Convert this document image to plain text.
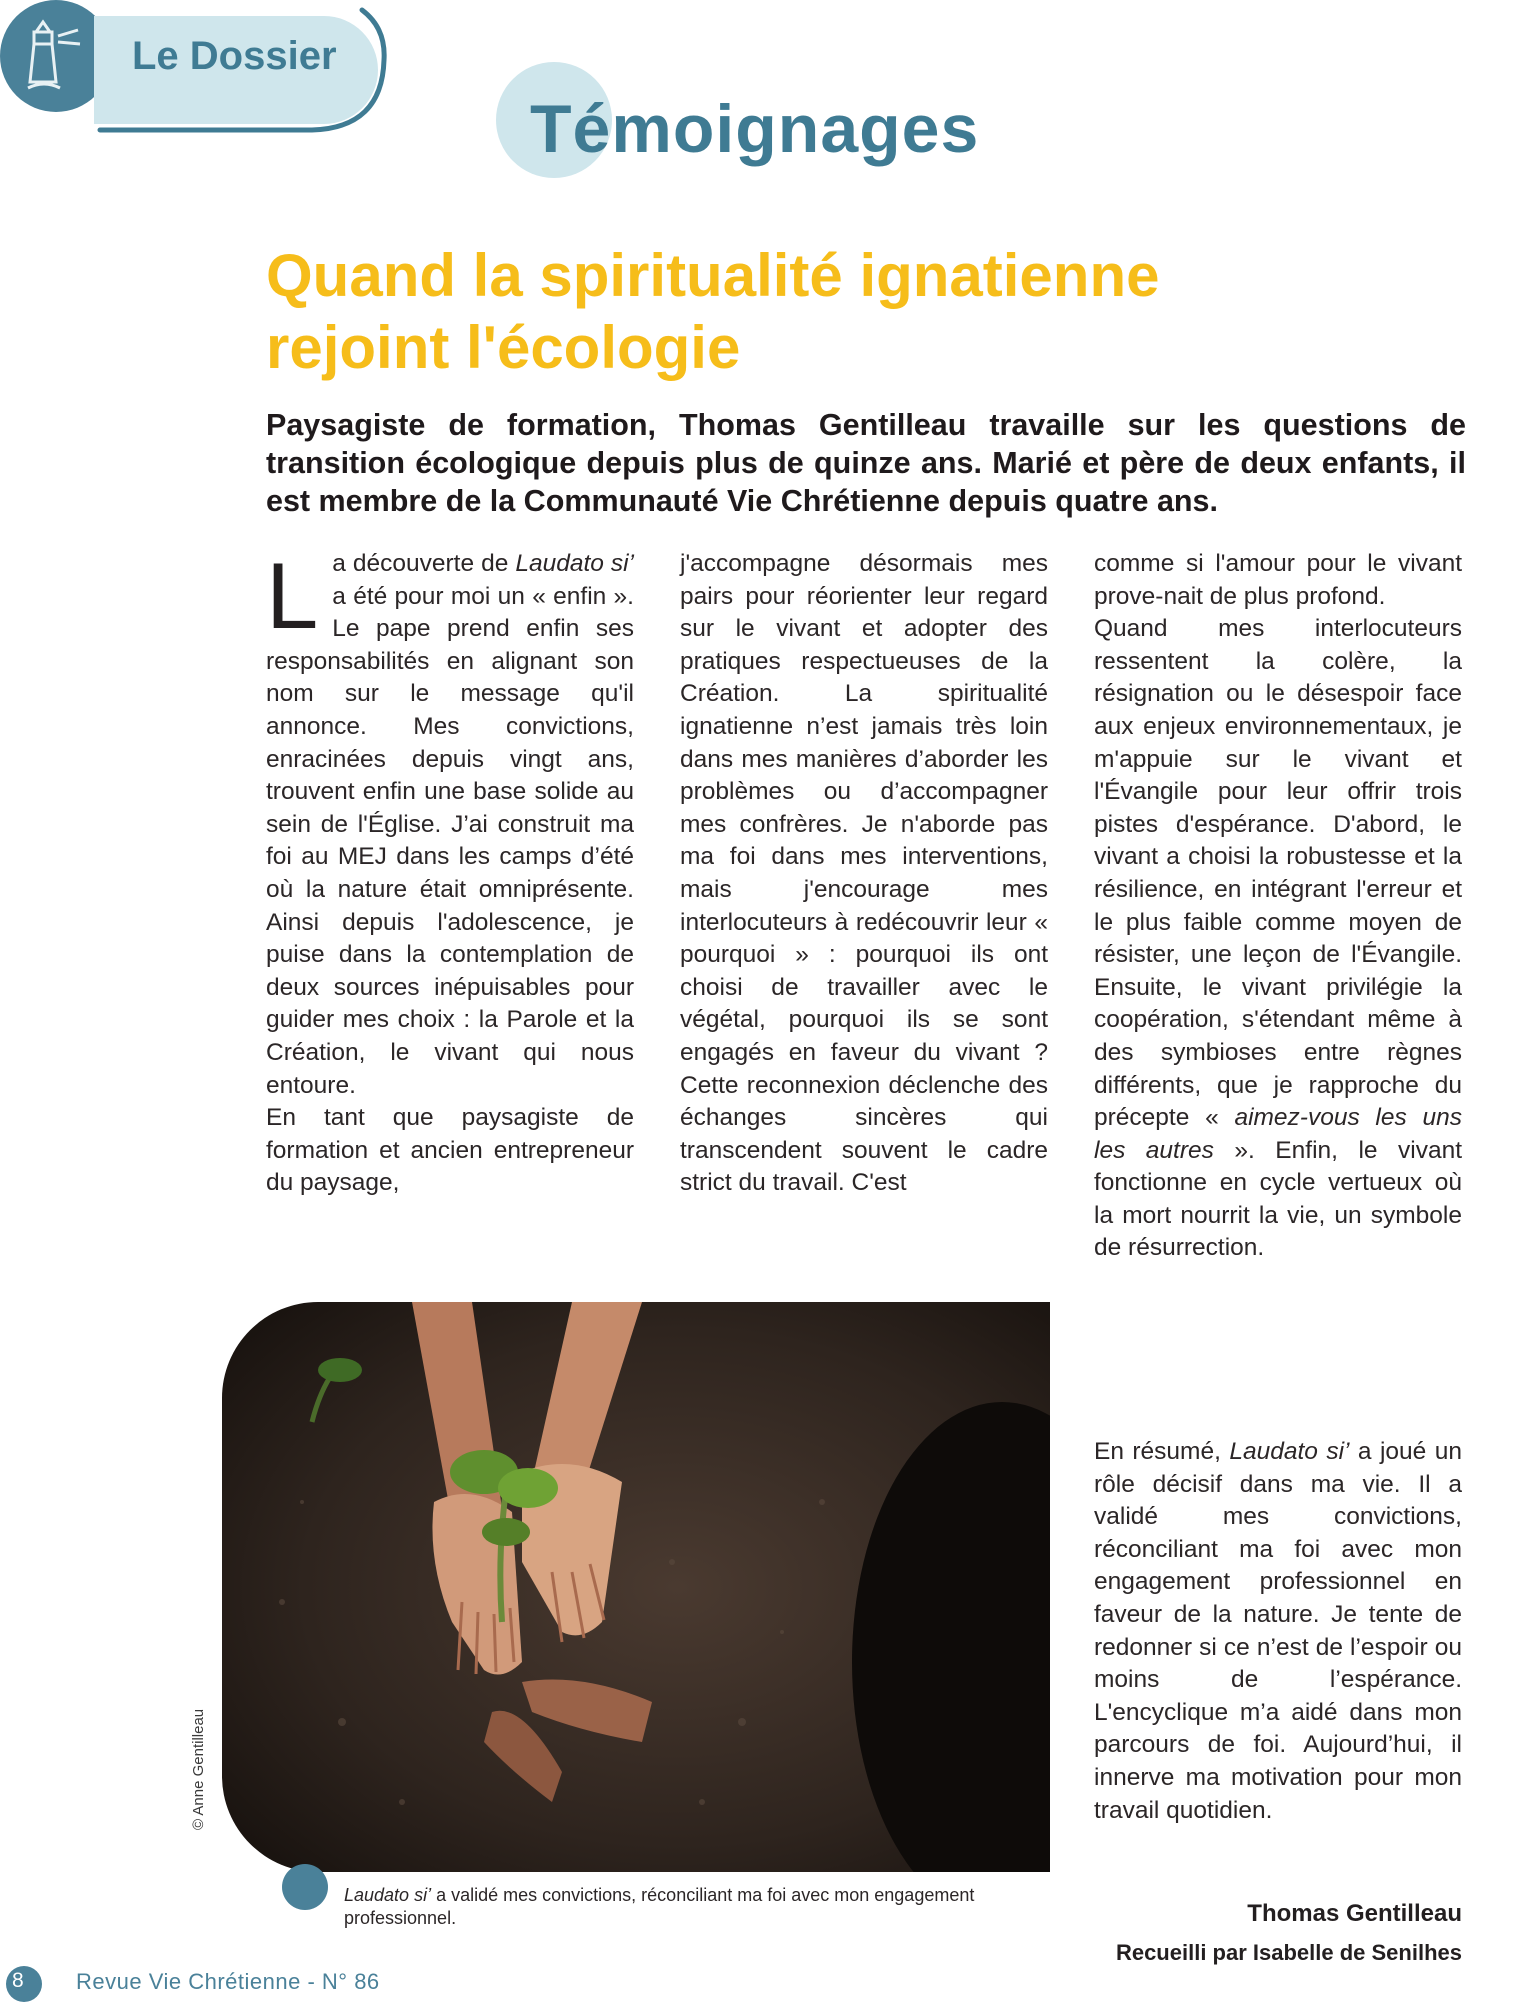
Le Dossier
Témoignages
Quand la spiritualité ignatienne
rejoint l'écologie
Paysagiste de formation, Thomas Gentilleau travaille sur les questions de transition écologique depuis plus de quinze ans. Marié et père de deux enfants, il est membre de la Communauté Vie Chrétienne depuis quatre ans.

La découverte de Laudato si’ a été pour moi un « enfin ». Le pape prend enfin ses responsabilités en alignant son nom sur le message qu'il annonce. Mes convictions, enracinées depuis vingt ans, trouvent enfin une base solide au sein de l'Église. J’ai construit ma foi au MEJ dans les camps d’été où la nature était omniprésente. Ainsi depuis l'adolescence, je puise dans la contemplation de deux sources inépuisables pour guider mes choix : la Parole et la Création, le vivant qui nous entoure.

En tant que paysagiste de formation et ancien entrepreneur du paysage,

j'accompagne désormais mes pairs pour réorienter leur regard sur le vivant et adopter des pratiques respectueuses de la Création. La spiritualité ignatienne n’est jamais très loin dans mes manières d’aborder les problèmes ou d’accompagner mes confrères. Je n'aborde pas ma foi dans mes interventions, mais j'encourage mes interlocuteurs à redécouvrir leur « pourquoi » : pourquoi ils ont choisi de travailler avec le végétal, pourquoi ils se sont engagés en faveur du vivant ? Cette reconnexion déclenche des échanges sincères qui transcendent souvent le cadre strict du travail. C'est

comme si l'amour pour le vivant prove-nait de plus profond.

Quand mes interlocuteurs ressentent la colère, la résignation ou le désespoir face aux enjeux environnementaux, je m'appuie sur le vivant et l'Évangile pour leur offrir trois pistes d'espérance. D'abord, le vivant a choisi la robustesse et la résilience, en intégrant l'erreur et le plus faible comme moyen de résister, une leçon de l'Évangile. Ensuite, le vivant privilégie la coopération, s'étendant même à des symbioses entre règnes différents, que je rapproche du précepte « aimez-vous les uns les autres ». Enfin, le vivant fonctionne en cycle vertueux où la mort nourrit la vie, un symbole de résurrection.

En résumé, Laudato si’ a joué un rôle décisif dans ma vie. Il a validé mes convictions, réconciliant ma foi avec mon engagement professionnel en faveur de la nature. Je tente de redonner si ce n’est de l’espoir ou moins de l’espérance. L'encyclique m’a aidé dans mon parcours de foi. Aujourd’hui, il innerve ma motivation pour mon travail quotidien.

© Anne Gentilleau
Laudato si’ a validé mes convictions, réconciliant ma foi avec mon engagement professionnel.	Thomas Gentilleau
Recueilli par Isabelle de Senilhes
8 Revue Vie Chrétienne - N° 86
